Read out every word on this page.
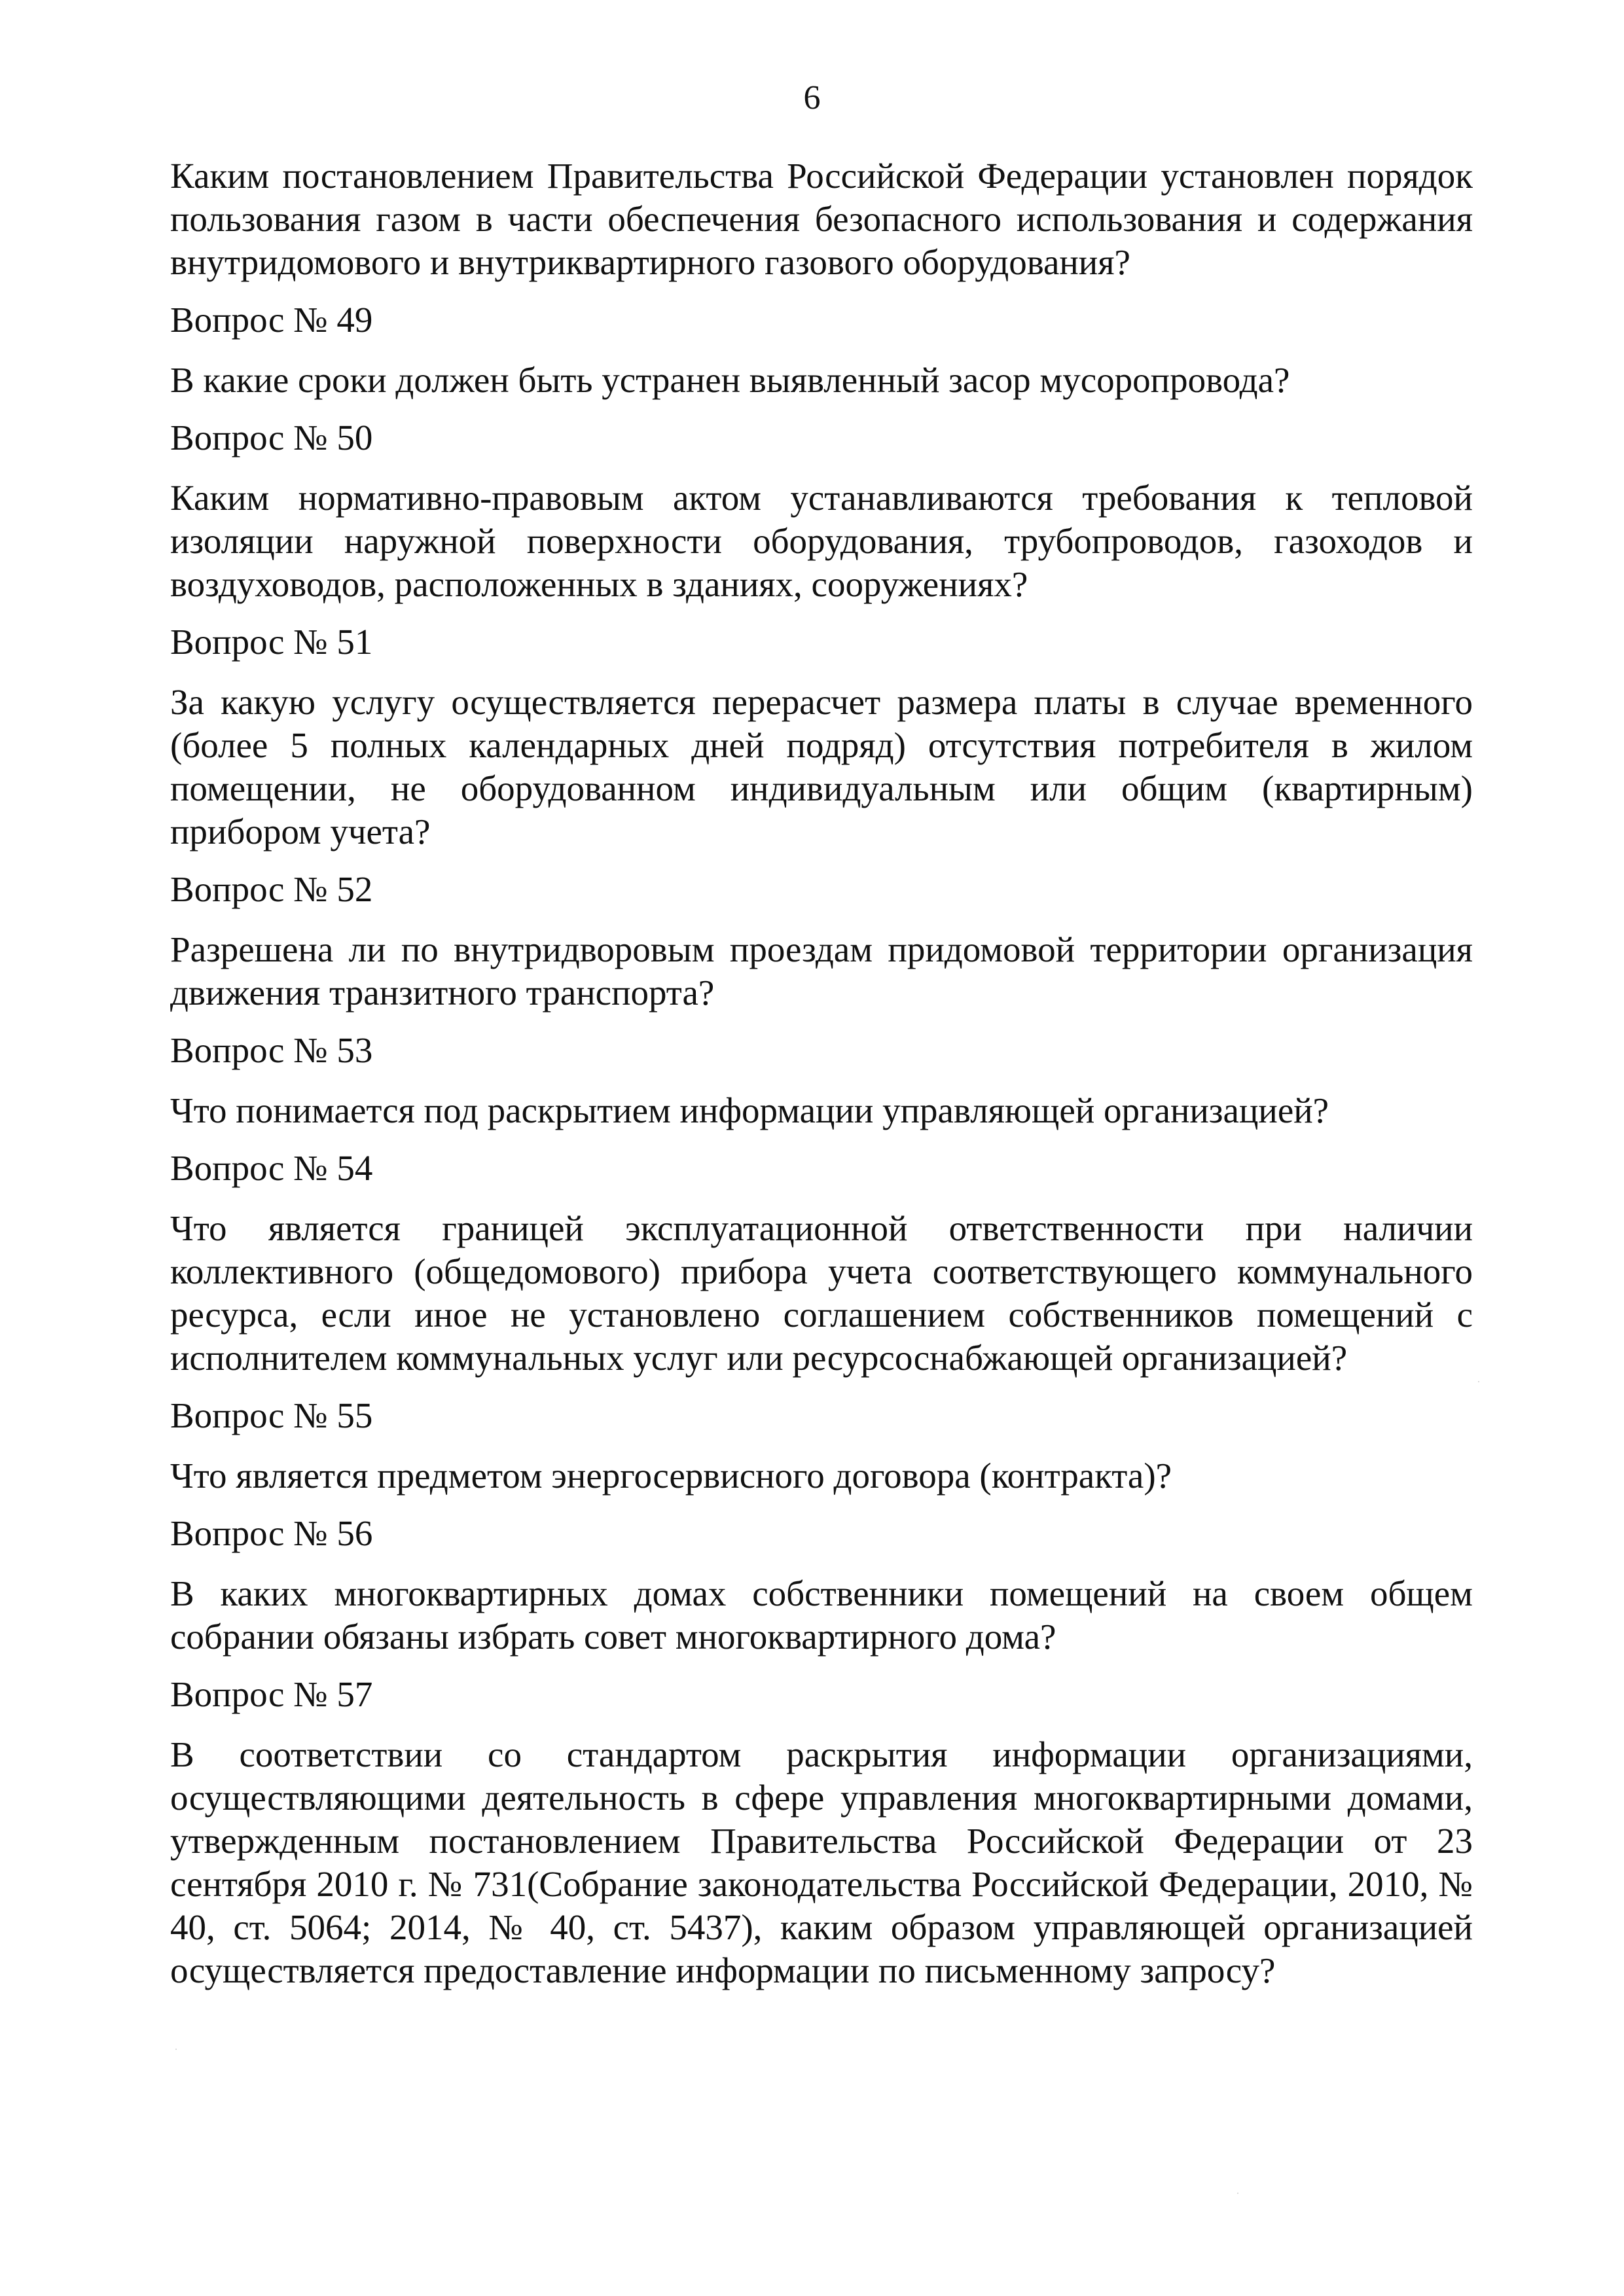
6

Каким постановлением Правительства Российской Федерации установлен порядок пользования газом в части обеспечения безопасного использования и содержания внутридомового и внутриквартирного газового оборудования?

Вопрос № 49

В какие сроки должен быть устранен выявленный засор мусоропровода?

Вопрос № 50

Каким нормативно-правовым актом устанавливаются требования к тепловой изоляции наружной поверхности оборудования, трубопроводов, газоходов и воздуховодов, расположенных в зданиях, сооружениях?

Вопрос № 51

За какую услугу осуществляется перерасчет размера платы в случае временного (более 5 полных календарных дней подряд) отсутствия потребителя в жилом помещении, не оборудованном индивидуальным или общим (квартирным) прибором учета?

Вопрос № 52

Разрешена ли по внутридворовым проездам придомовой территории организация движения транзитного транспорта?

Вопрос № 53

Что понимается под раскрытием информации управляющей организацией?

Вопрос № 54

Что является границей эксплуатационной ответственности при наличии коллективного (общедомового) прибора учета соответствующего коммунального ресурса, если иное не установлено соглашением собственников помещений с исполнителем коммунальных услуг или ресурсоснабжающей организацией?

Вопрос № 55

Что является предметом энергосервисного договора (контракта)?

Вопрос № 56

В каких многоквартирных домах собственники помещений на своем общем собрании обязаны избрать совет многоквартирного дома?

Вопрос № 57

В соответствии со стандартом раскрытия информации организациями, осуществляющими деятельность в сфере управления многоквартирными домами, утвержденным постановлением Правительства Российской Федерации от 23 сентября 2010 г. № 731(Собрание законодательства Российской Федерации, 2010, № 40, ст. 5064; 2014, № 40, ст. 5437), каким образом управляющей организацией осуществляется предоставление информации по письменному запросу?
